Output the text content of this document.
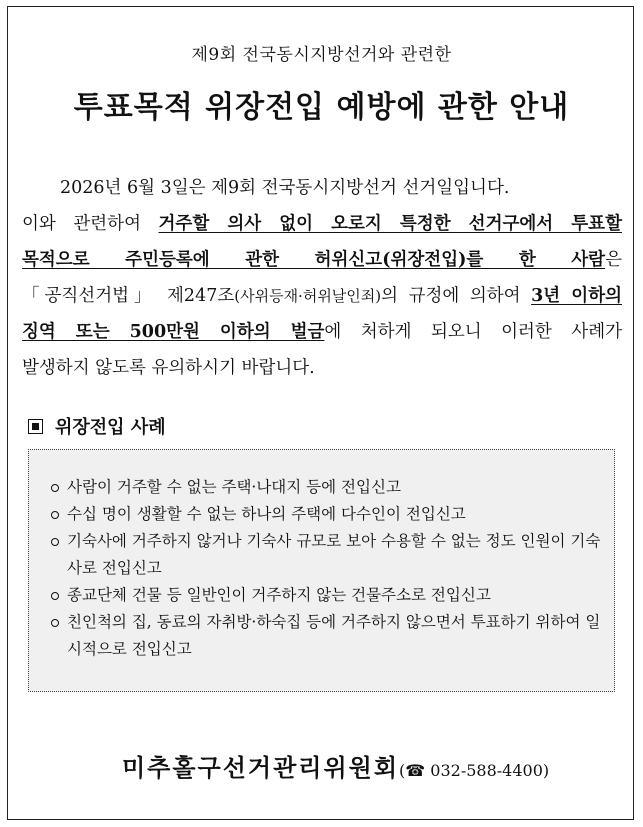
제9회 전국동시지방선거와 관련한
투표목적 위장전입 예방에 관한 안내

2026년 6월 3일은 제9회 전국동시지방선거 선거일입니다.

이와 관련하여 거주할 의사 없이 오로지 특정한 선거구에서 투표할

목적으로 주민등록에 관한 허위신고(위장전입)를 한 사람은

「공직선거법」 제247조(사위등재·허위날인죄)의 규정에 의하여 3년 이하의

징역 또는 500만원 이하의 벌금에 처하게 되오니 이러한 사례가

발생하지 않도록 유의하시기 바랍니다.

위장전입 사례
사람이 거주할 수 없는 주택·나대지 등에 전입신고
수십 명이 생활할 수 없는 하나의 주택에 다수인이 전입신고
기숙사에 거주하지 않거나 기숙사 규모로 보아 수용할 수 없는 정도 인원이 기숙사로 전입신고
종교단체 건물 등 일반인이 거주하지 않는 건물주소로 전입신고
친인척의 집, 동료의 자취방·하숙집 등에 거주하지 않으면서 투표하기 위하여 일시적으로 전입신고
미추홀구선거관리위원회(☎ 032-588-4400)
